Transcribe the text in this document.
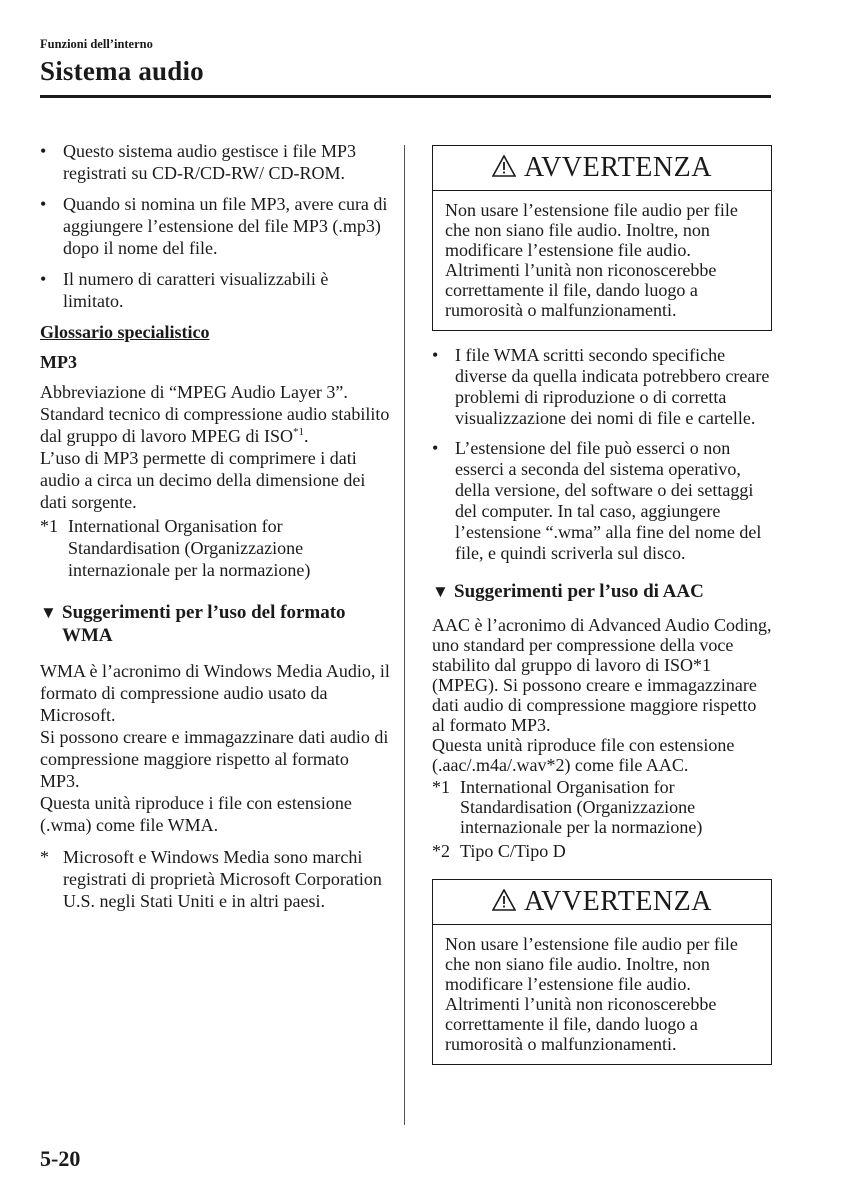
Funzioni dell’interno
Sistema audio
• Questo sistema audio gestisce i file MP3 registrati su CD-R/CD-RW/ CD-ROM.
• Quando si nomina un file MP3, avere cura di aggiungere l’estensione del file MP3 (.mp3) dopo il nome del file.
• Il numero di caratteri visualizzabili è limitato.
Glossario specialistico
MP3

Abbreviazione di “MPEG Audio Layer 3”. Standard tecnico di compressione audio stabilito dal gruppo di lavoro MPEG di ISO$^{*1}$.

L’uso di MP3 permette di comprimere i dati audio a circa un decimo della dimensione dei dati sorgente.

*1 International Organisation for Standardisation (Organizzazione internazionale per la normazione)
▼ Suggerimenti per l’uso del formato WMA

WMA è l’acronimo di Windows Media Audio, il formato di compressione audio usato da Microsoft.

Si possono creare e immagazzinare dati audio di compressione maggiore rispetto al formato MP3.

Questa unità riproduce i file con estensione (.wma) come file WMA.

* Microsoft e Windows Media sono marchi registrati di proprietà Microsoft Corporation U.S. negli Stati Uniti e in altri paesi.
AVVERTENZA
Non usare l’estensione file audio per file che non siano file audio. Inoltre, non modificare l’estensione file audio. Altrimenti l’unità non riconoscerebbe correttamente il file, dando luogo a rumorosità o malfunzionamenti.
• I file WMA scritti secondo specifiche diverse da quella indicata potrebbero creare problemi di riproduzione o di corretta visualizzazione dei nomi di file e cartelle.
• L’estensione del file può esserci o non esserci a seconda del sistema operativo, della versione, del software o dei settaggi del computer. In tal caso, aggiungere l’estensione “.wma” alla fine del nome del file, e quindi scriverla sul disco.
▼ Suggerimenti per l’uso di AAC

AAC è l’acronimo di Advanced Audio Coding, uno standard per compressione della voce stabilito dal gruppo di lavoro di ISO*1 (MPEG). Si possono creare e immagazzinare dati audio di compressione maggiore rispetto al formato MP3.

Questa unità riproduce file con estensione (.aac/.m4a/.wav*2) come file AAC.

*1 International Organisation for Standardisation (Organizzazione internazionale per la normazione)
*2 Tipo C/Tipo D
AVVERTENZA
Non usare l’estensione file audio per file che non siano file audio. Inoltre, non modificare l’estensione file audio. Altrimenti l’unità non riconoscerebbe correttamente il file, dando luogo a rumorosità o malfunzionamenti.
5-20
